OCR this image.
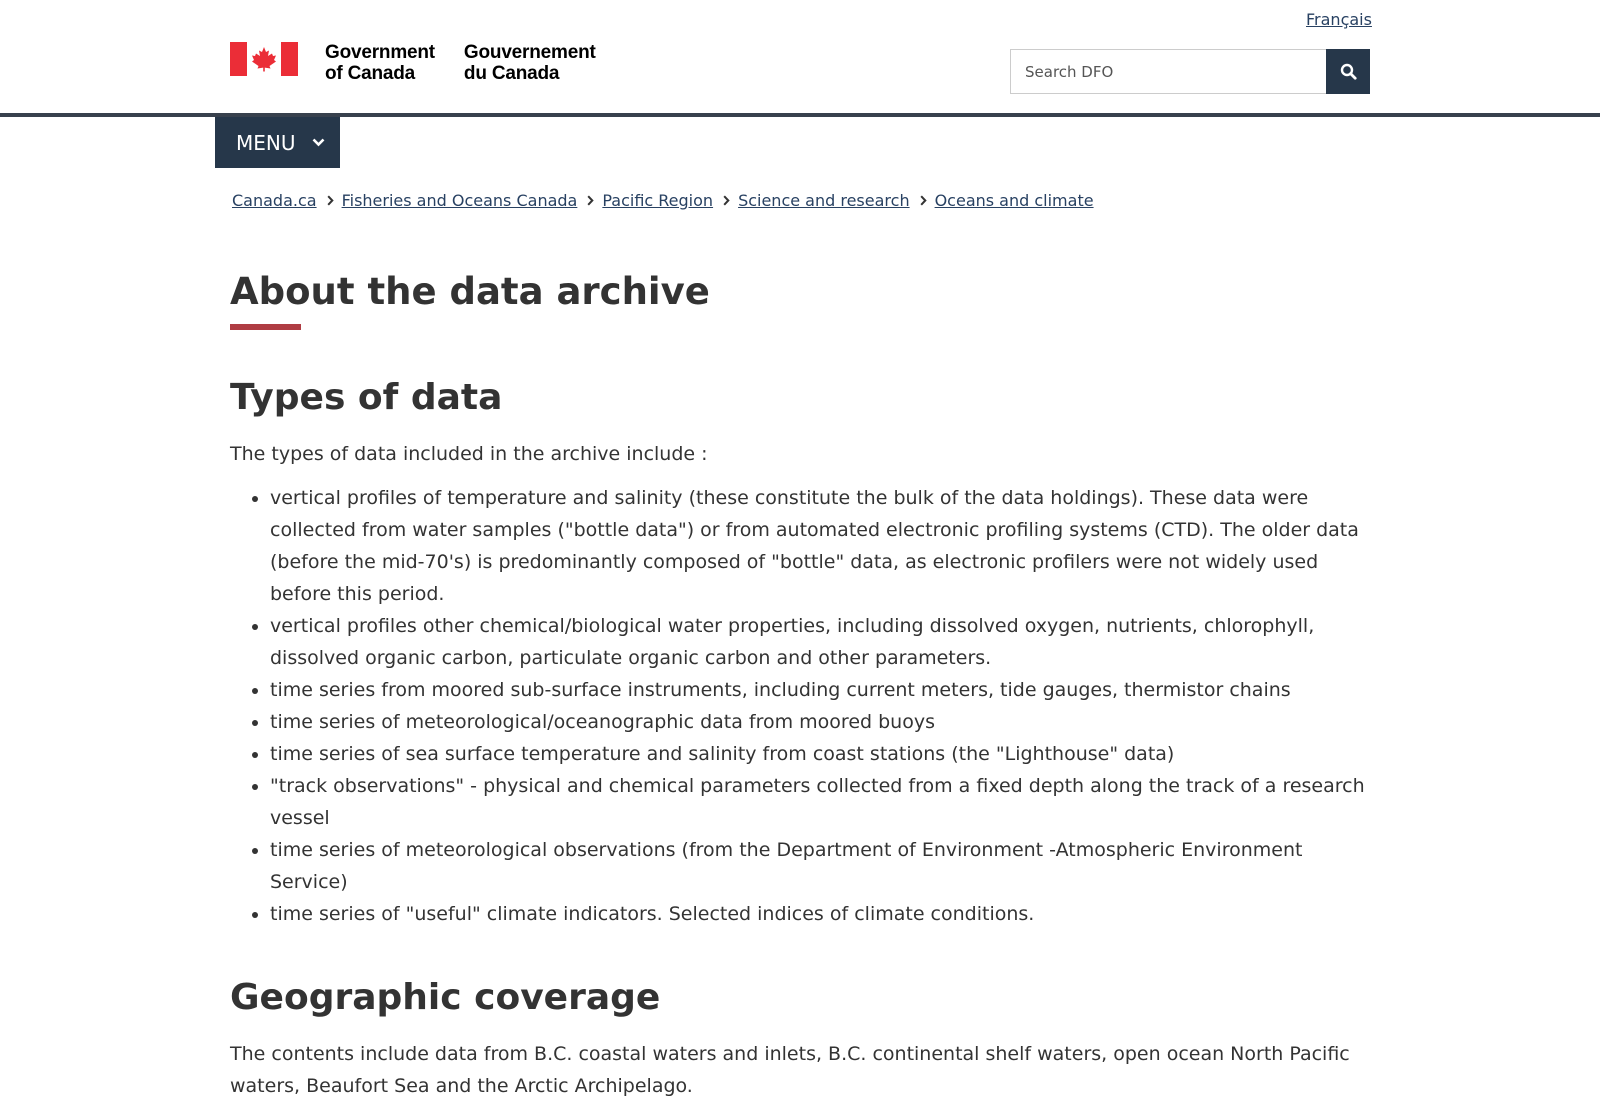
Français
Government
of Canada
Gouvernement
du Canada
Search DFO
MENU
Canada.ca Fisheries and Oceans Canada Pacific Region Science and research Oceans and climate
About the data archive
Types of data

The types of data included in the archive include :

• vertical profiles of temperature and salinity (these constitute the bulk of the data holdings). These data were collected from water samples ("bottle data") or from automated electronic profiling systems (CTD). The older data (before the mid-70's) is predominantly composed of "bottle" data, as electronic profilers were not widely used before this period.
• vertical profiles other chemical/biological water properties, including dissolved oxygen, nutrients, chlorophyll, dissolved organic carbon, particulate organic carbon and other parameters.
• time series from moored sub-surface instruments, including current meters, tide gauges, thermistor chains
• time series of meteorological/oceanographic data from moored buoys
• time series of sea surface temperature and salinity from coast stations (the "Lighthouse" data)
• "track observations" - physical and chemical parameters collected from a fixed depth along the track of a research vessel
• time series of meteorological observations (from the Department of Environment -Atmospheric Environment Service)
• time series of "useful" climate indicators. Selected indices of climate conditions.
Geographic coverage

The contents include data from B.C. coastal waters and inlets, B.C. continental shelf waters, open ocean North Pacific waters, Beaufort Sea and the Arctic Archipelago.
